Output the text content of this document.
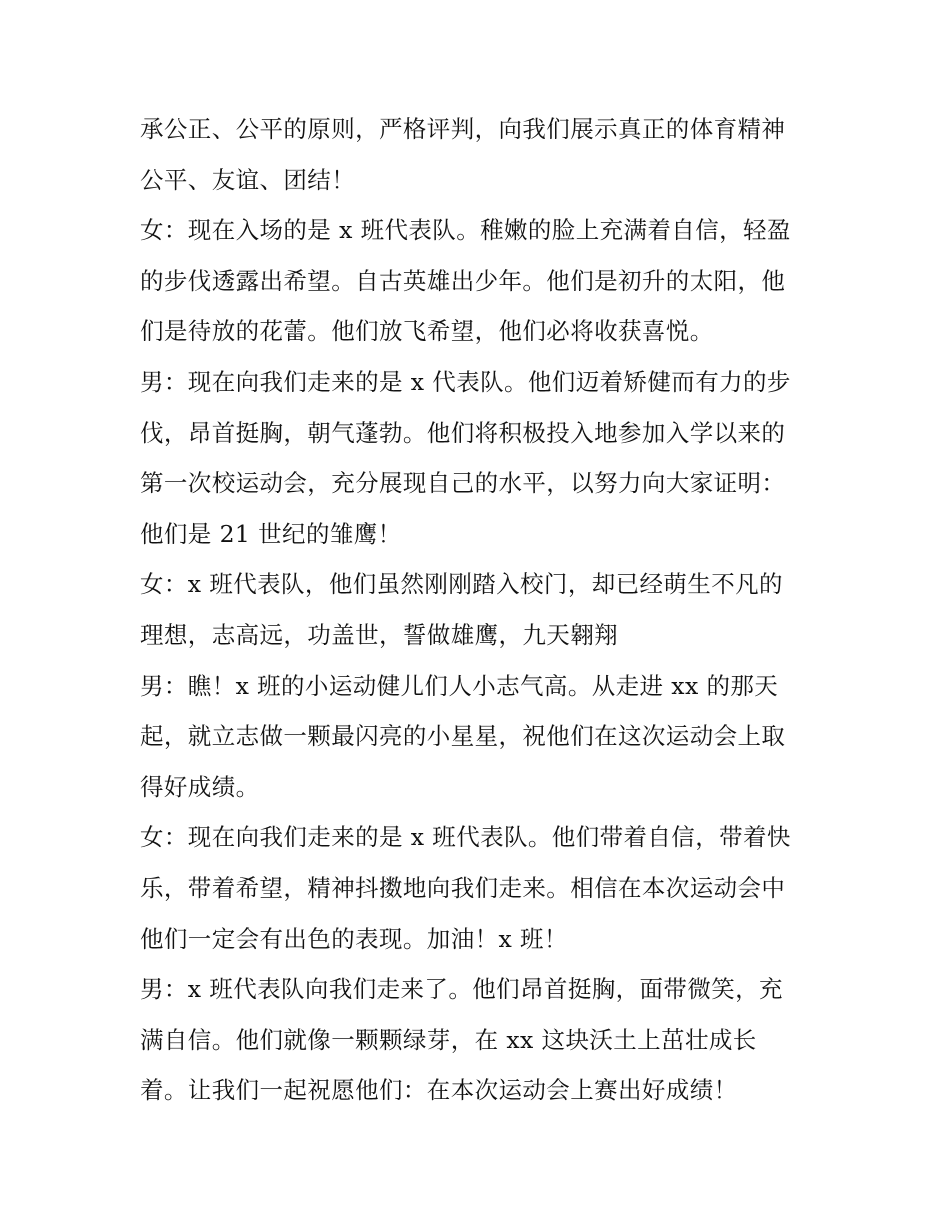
承公正、公平的原则，严格评判，向我们展示真正的体育精神
公平、友谊、团结！
女：现在入场的是 x 班代表队。稚嫩的脸上充满着自信，轻盈
的步伐透露出希望。自古英雄出少年。他们是初升的太阳，他
们是待放的花蕾。他们放飞希望，他们必将收获喜悦。
男：现在向我们走来的是 x 代表队。他们迈着矫健而有力的步
伐，昂首挺胸，朝气蓬勃。他们将积极投入地参加入学以来的
第一次校运动会，充分展现自己的水平，以努力向大家证明：
他们是 21 世纪的雏鹰！
女：x 班代表队，他们虽然刚刚踏入校门，却已经萌生不凡的
理想，志高远，功盖世，誓做雄鹰，九天翱翔
男：瞧！x 班的小运动健儿们人小志气高。从走进 xx 的那天
起，就立志做一颗最闪亮的小星星，祝他们在这次运动会上取
得好成绩。
女：现在向我们走来的是 x 班代表队。他们带着自信，带着快
乐，带着希望，精神抖擞地向我们走来。相信在本次运动会中
他们一定会有出色的表现。加油！x 班！
男：x 班代表队向我们走来了。他们昂首挺胸，面带微笑，充
满自信。他们就像一颗颗绿芽，在 xx 这块沃土上茁壮成长
着。让我们一起祝愿他们：在本次运动会上赛出好成绩！
